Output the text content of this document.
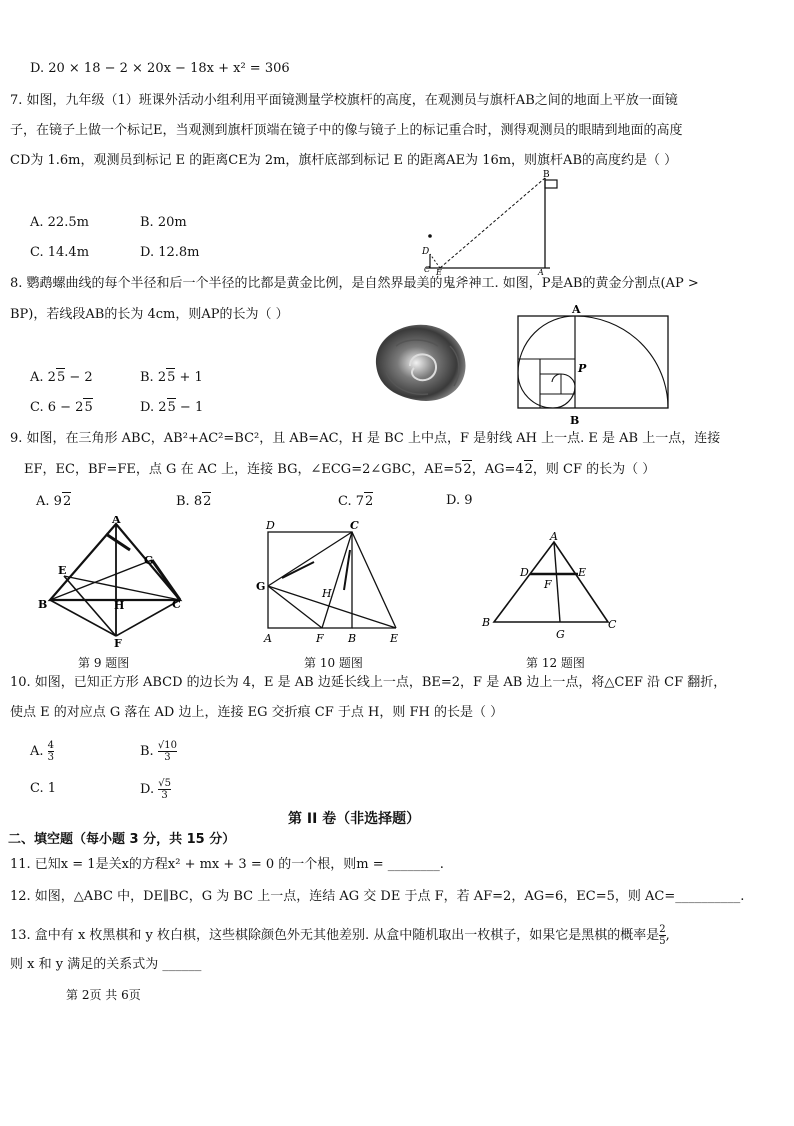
D. 20 × 18 − 2 × 20x − 18x + x² = 306
7. 如图，九年级（1）班课外活动小组利用平面镜测量学校旗杆的高度，在观测员与旗杆AB之间的地面上平放一面镜
子，在镜子上做一个标记E，当观测到旗杆顶端在镜子中的像与镜子上的标记重合时，测得观测员的眼睛到地面的高度
CD为 1.6m，观测员到标记 E 的距离CE为 2m，旗杆底部到标记 E 的距离AE为 16m，则旗杆AB的高度约是（ ）
A. 22.5m	B. 20m
C. 14.4m	D. 12.8m
B
D
C E	A
8. 鹦鹉螺曲线的每个半径和后一个半径的比都是黄金比例，是自然界最美的鬼斧神工. 如图，P是AB的黄金分割点(AP >
BP)，若线段AB的长为 4cm，则AP的长为（ ）
A. 25 − 2	B. 25 + 1
C. 6 − 25	D. 25 − 1
A
P
B
9. 如图，在三角形 ABC，AB²+AC²=BC²，且 AB=AC，H 是 BC 上中点，F 是射线 AH 上一点. E 是 AB 上一点，连接
EF，EC，BF=FE，点 G 在 AC 上，连接 BG，∠ECG=2∠GBC，AE=52，AG=42，则 CF 的长为（ ）
A. 92	B. 82	C. 72	D. 9
A
E
G
B	H	C
F
第 9 题图
D	C
G
H
A	F B	E
第 10 题图
A
D	E
F
B
G
C
第 12 题图
10. 如图，已知正方形 ABCD 的边长为 4，E 是 AB 边延长线上一点，BE=2，F 是 AB 边上一点，将△CEF 沿 CF 翻折，
使点 E 的对应点 G 落在 AD 边上，连接 EG 交折痕 CF 于点 H，则 FH 的长是（ ）
A. $\frac{4}{3}$	B. $\frac{√10}{3}$
C. 1	D. $\frac{√5}{3}$
第 II 卷（非选择题）
二、填空题（每小题 3 分，共 15 分）
11. 已知x = 1是关x的方程x² + mx + 3 = 0 的一个根，则m = ________.
12. 如图，△ABC 中，DE∥BC，G 为 BC 上一点，连结 AG 交 DE 于点 F，若 AF=2，AG=6，EC=5，则 AC=__________.
13. 盒中有 x 枚黑棋和 y 枚白棋，这些棋除颜色外无其他差别. 从盒中随机取出一枚棋子，如果它是黑棋的概率是 $\frac{2}{5}$ ,
则 x 和 y 满足的关系式为 ______
第 2页 共 6页
